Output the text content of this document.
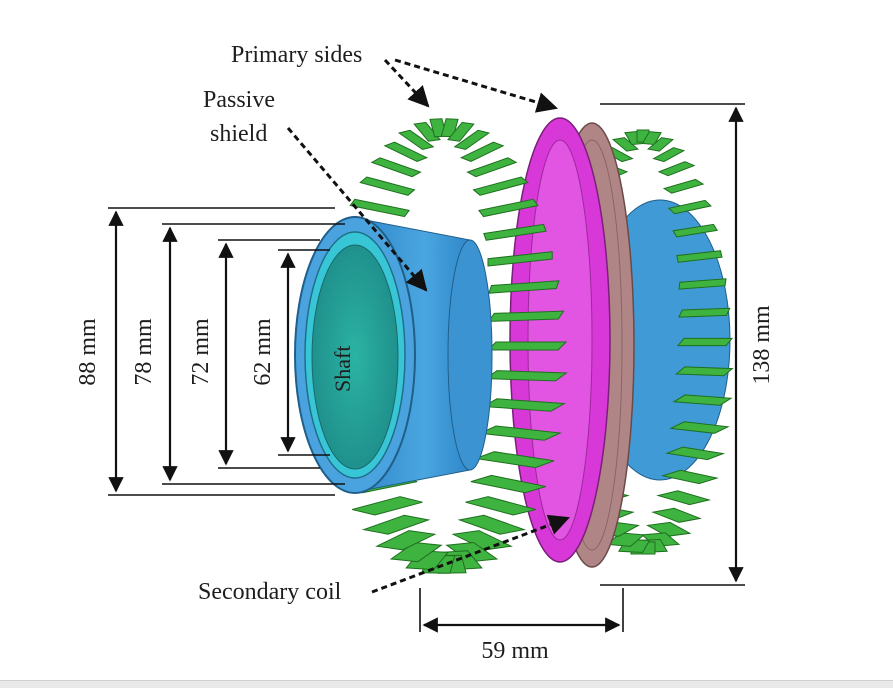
Primary sides
Passive
shield
Secondary coil
Shaft
88 mm 78 mm 72 mm 62 mm	138 mm
59 mm
